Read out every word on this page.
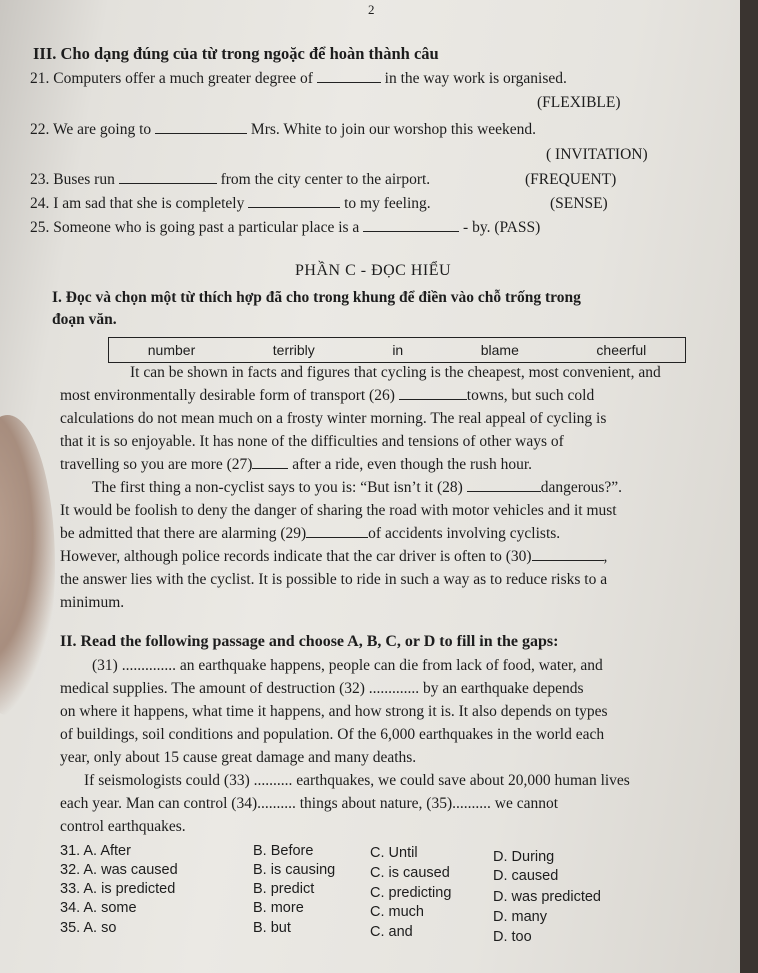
2
III. Cho dạng đúng của từ trong ngoặc để hoàn thành câu
21. Computers offer a much greater degree of	in the way work is organised.
(FLEXIBLE)
22. We are going to	Mrs. White to join our worshop this weekend.
( INVITATION)
23. Buses run	from the city center to the airport.	(FREQUENT)
24. I am sad that she is completely	to my feeling.	(SENSE)
25. Someone who is going past a particular place is a	- by. (PASS)
PHẦN C - ĐỌC HIỂU
I. Đọc và chọn một từ thích hợp đã cho trong khung để điền vào chỗ trống trong
đoạn văn.
number	terribly	in	blame	cheerful
It can be shown in facts and figures that cycling is the cheapest, most convenient, and
most environmentally desirable form of transport (26)	towns, but such cold
calculations do not mean much on a frosty winter morning. The real appeal of cycling is
that it is so enjoyable. It has none of the difficulties and tensions of other ways of
travelling so you are more (27)	after a ride, even though the rush hour.
The first thing a non-cyclist says to you is: “But isn’t it (28)	dangerous?”.
It would be foolish to deny the danger of sharing the road with motor vehicles and it must
be admitted that there are alarming (29)	of accidents involving cyclists.
However, although police records indicate that the car driver is often to (30)	,
the answer lies with the cyclist. It is possible to ride in such a way as to reduce risks to a
minimum.
II. Read the following passage and choose A, B, C, or D to fill in the gaps:
(31) .............. an earthquake happens, people can die from lack of food, water, and
medical supplies. The amount of destruction (32) ............. by an earthquake depends
on where it happens, what time it happens, and how strong it is. It also depends on types
of buildings, soil conditions and population. Of the 6,000 earthquakes in the world each
year, only about 15 cause great damage and many deaths.
If seismologists could (33) .......... earthquakes, we could save about 20,000 human lives
each year. Man can control (34).......... things about nature, (35).......... we cannot
control earthquakes.
31. A. After	B. Before	C. Until	D. During
32. A. was caused	B. is causing C. is caused	D. caused
33. A. is predicted	B. predict	C. predicting	D. was predicted
34. A. some	B. more	C. much	D. many
35. A. so	B. but	C. and	D. too
